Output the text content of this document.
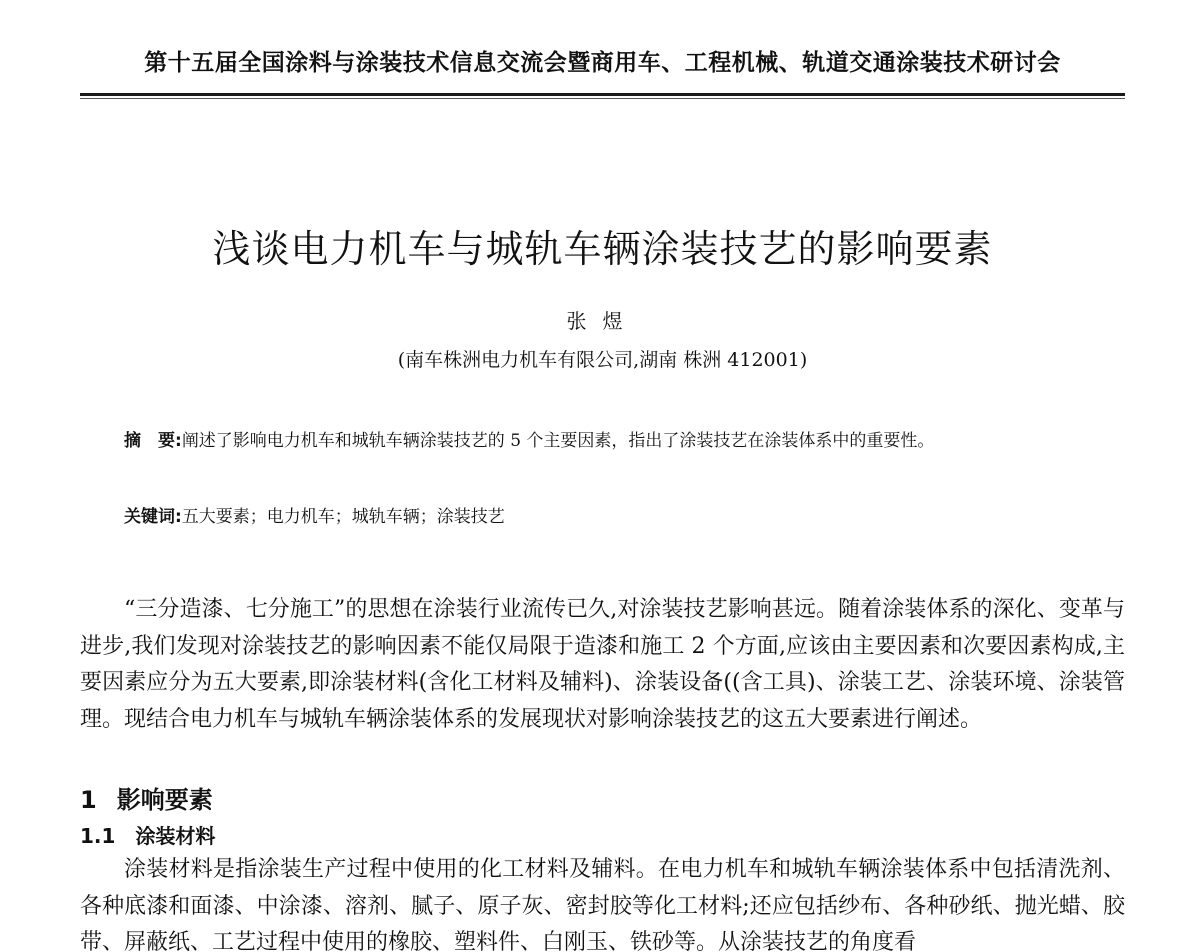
第十五届全国涂料与涂装技术信息交流会暨商用车、工程机械、轨道交通涂装技术研讨会
浅谈电力机车与城轨车辆涂装技艺的影响要素
张煜
(南车株洲电力机车有限公司,湖南 株洲 412001)
摘　要:阐述了影响电力机车和城轨车辆涂装技艺的 5 个主要因素，指出了涂装技艺在涂装体系中的重要性。
关键词:五大要素；电力机车；城轨车辆；涂装技艺
“三分造漆、七分施工”的思想在涂装行业流传已久,对涂装技艺影响甚远。随着涂装体系的深化、变革与进步,我们发现对涂装技艺的影响因素不能仅局限于造漆和施工 2 个方面,应该由主要因素和次要因素构成,主要因素应分为五大要素,即涂装材料(含化工材料及辅料)、涂装设备((含工具)、涂装工艺、涂装环境、涂装管理。现结合电力机车与城轨车辆涂装体系的发展现状对影响涂装技艺的这五大要素进行阐述。
1 影响要素
1.1 涂装材料
涂装材料是指涂装生产过程中使用的化工材料及辅料。在电力机车和城轨车辆涂装体系中包括清洗剂、各种底漆和面漆、中涂漆、溶剂、腻子、原子灰、密封胶等化工材料;还应包括纱布、各种砂纸、抛光蜡、胶带、屏蔽纸、工艺过程中使用的橡胶、塑料件、白刚玉、铁砂等。从涂装技艺的角度看
